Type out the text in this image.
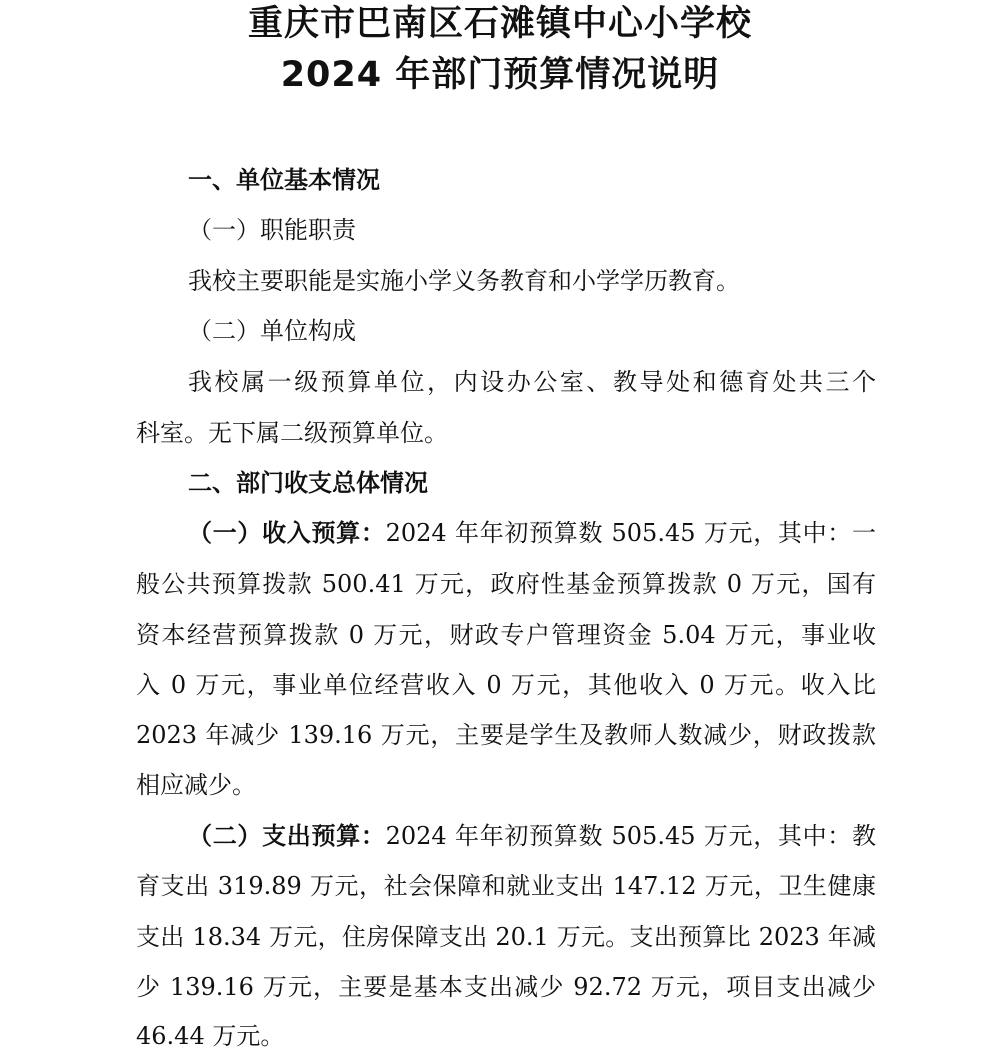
重庆市巴南区石滩镇中心小学校
2024 年部门预算情况说明
一、单位基本情况
（一）职能职责
我校主要职能是实施小学义务教育和小学学历教育。
（二）单位构成
我校属一级预算单位，内设办公室、教导处和德育处共三个
科室。无下属二级预算单位。
二、部门收支总体情况
（一）收入预算：2024 年年初预算数 505.45 万元，其中：一
般公共预算拨款 500.41 万元，政府性基金预算拨款 0 万元，国有
资本经营预算拨款 0 万元，财政专户管理资金 5.04 万元，事业收
入 0 万元，事业单位经营收入 0 万元，其他收入 0 万元。收入比
2023 年减少 139.16 万元，主要是学生及教师人数减少，财政拨款
相应减少。
（二）支出预算：2024 年年初预算数 505.45 万元，其中：教
育支出 319.89 万元，社会保障和就业支出 147.12 万元，卫生健康
支出 18.34 万元，住房保障支出 20.1 万元。支出预算比 2023 年减
少 139.16 万元，主要是基本支出减少 92.72 万元，项目支出减少
46.44 万元。
